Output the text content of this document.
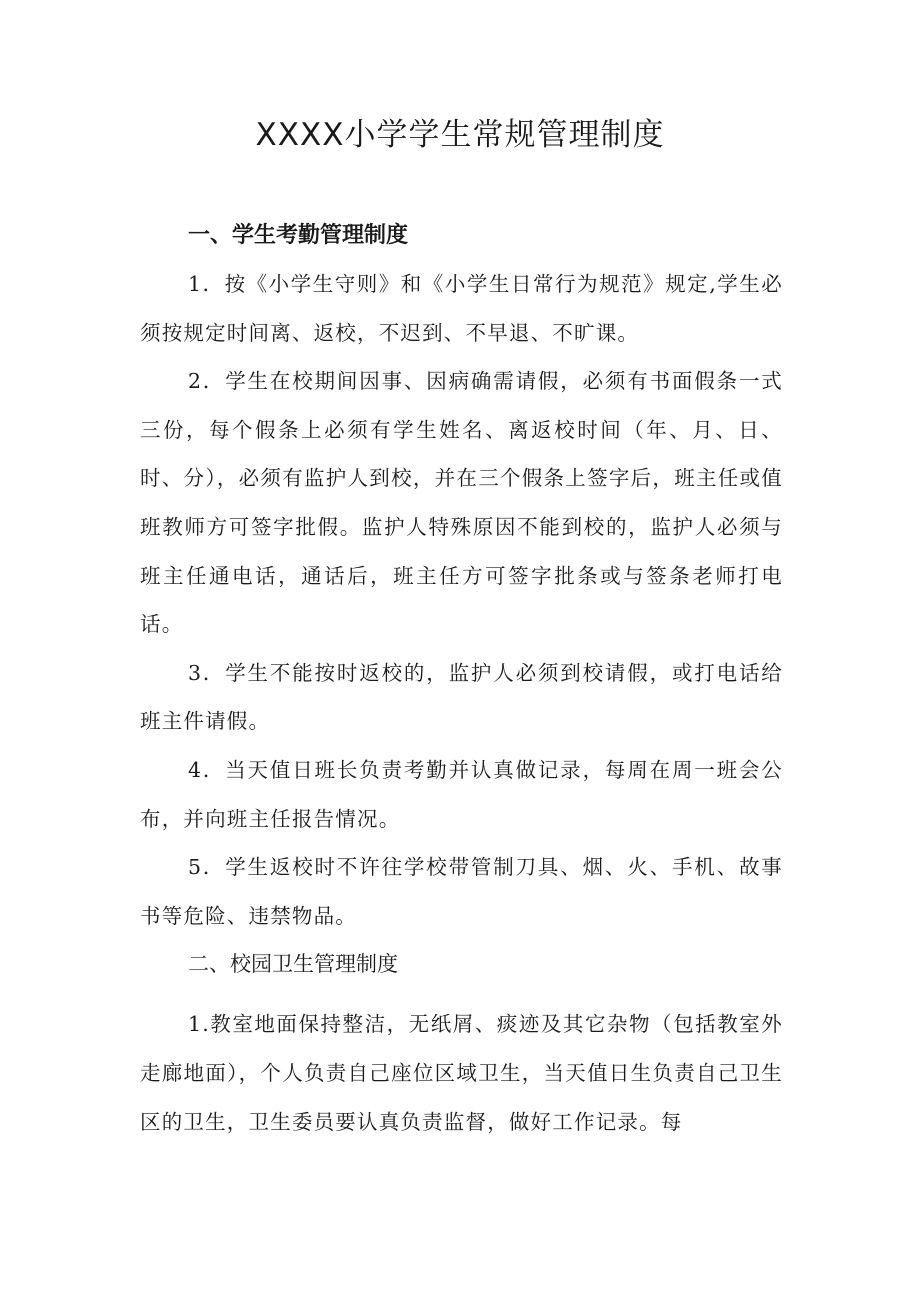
XXXX小学学生常规管理制度
一、学生考勤管理制度

1．按《小学生守则》和《小学生日常行为规范》规定,学生必须按规定时间离、返校，不迟到、不早退、不旷课。

2．学生在校期间因事、因病确需请假，必须有书面假条一式三份，每个假条上必须有学生姓名、离返校时间（年、月、日、时、分），必须有监护人到校，并在三个假条上签字后，班主任或值班教师方可签字批假。监护人特殊原因不能到校的，监护人必须与班主任通电话，通话后，班主任方可签字批条或与签条老师打电话。

3．学生不能按时返校的，监护人必须到校请假，或打电话给班主件请假。

4．当天值日班长负责考勤并认真做记录，每周在周一班会公布，并向班主任报告情况。

5．学生返校时不许往学校带管制刀具、烟、火、手机、故事书等危险、违禁物品。

二、校园卫生管理制度

1.教室地面保持整洁，无纸屑、痰迹及其它杂物（包括教室外走廊地面），个人负责自己座位区域卫生，当天值日生负责自己卫生区的卫生，卫生委员要认真负责监督，做好工作记录。每
